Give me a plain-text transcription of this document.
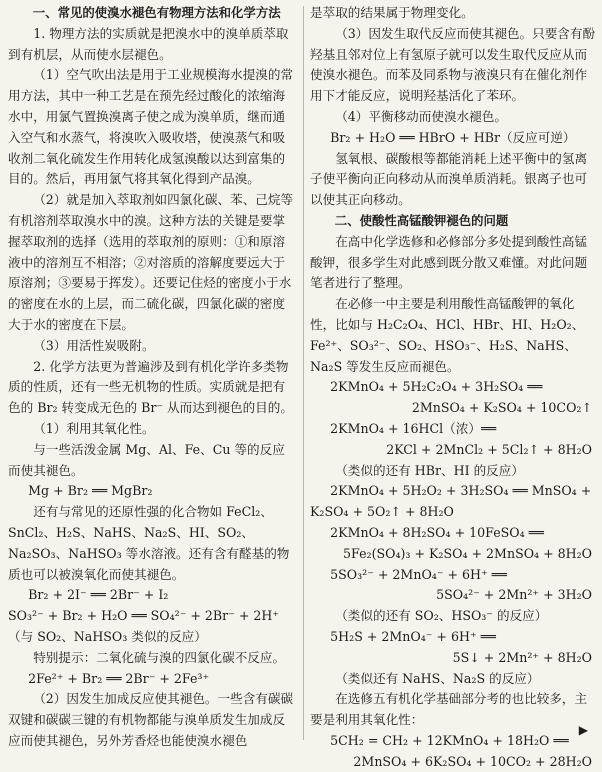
一、常见的使溴水褪色有物理方法和化学方法

1. 物理方法的实质就是把溴水中的溴单质萃取到有机层，从而使水层褪色。

（1）空气吹出法是用于工业规模海水提溴的常用方法，其中一种工艺是在预先经过酸化的浓缩海水中，用氯气置换溴离子使之成为溴单质，继而通入空气和水蒸气，将溴吹入吸收塔，使溴蒸气和吸收剂二氧化硫发生作用转化成氢溴酸以达到富集的目的。然后，再用氯气将其氧化得到产品溴。

（2）就是加入萃取剂如四氯化碳、苯、己烷等有机溶剂萃取溴水中的溴。这种方法的关键是要掌握萃取剂的选择（选用的萃取剂的原则：①和原溶液中的溶剂互不相溶；②对溶质的溶解度要远大于原溶剂；③要易于挥发）。还要记住烃的密度小于水的密度在水的上层，而二硫化碳，四氯化碳的密度大于水的密度在下层。

（3）用活性炭吸附。

2. 化学方法更为普遍涉及到有机化学许多类物质的性质，还有一些无机物的性质。实质就是把有色的 Br₂ 转变成无色的 Br⁻ 从而达到褪色的目的。

（1）利用其氧化性。

与一些活泼金属 Mg、Al、Fe、Cu 等的反应而使其褪色。

Mg + Br₂ ══ MgBr₂

还有与常见的还原性强的化合物如 FeCl₂、SnCl₂、H₂S、NaHS、Na₂S、HI、SO₂、Na₂SO₃、NaHSO₃ 等水溶液。还有含有醛基的物质也可以被溴氧化而使其褪色。

Br₂ + 2I⁻ ══ 2Br⁻ + I₂

SO₃²⁻ + Br₂ + H₂O ══ SO₄²⁻ + 2Br⁻ + 2H⁺（与 SO₂、NaHSO₃ 类似的反应）

特别提示：二氧化硫与溴的四氯化碳不反应。

2Fe²⁺ + Br₂ ══ 2Br⁻ + 2Fe³⁺

（2）因发生加成反应使其褪色。一些含有碳碳双键和碳碳三键的有机物都能与溴单质发生加成反应而使其褪色，另外芳香烃也能使溴水褪色

是萃取的结果属于物理变化。

（3）因发生取代反应而使其褪色。只要含有酚羟基且邻对位上有氢原子就可以发生取代反应从而使溴水褪色。而苯及同系物与液溴只有在催化剂作用下才能反应，说明羟基活化了苯环。

（4）平衡移动而使溴水褪色。

Br₂ + H₂O ══ HBrO + HBr（反应可逆）

氢氧根、碳酸根等都能消耗上述平衡中的氢离子使平衡向正向移动从而溴单质消耗。银离子也可以使其正向移动。

二、使酸性高锰酸钾褪色的问题

在高中化学选修和必修部分多处提到酸性高锰酸钾，很多学生对此感到既分散又难懂。对此问题笔者进行了整理。

在必修一中主要是利用酸性高锰酸钾的氧化性，比如与 H₂C₂O₄、HCl、HBr、HI、H₂O₂、Fe²⁺、SO₃²⁻、SO₂、HSO₃⁻、H₂S、NaHS、Na₂S 等发生反应而褪色。

2KMnO₄ + 5H₂C₂O₄ + 3H₂SO₄ ══

2MnSO₄ + K₂SO₄ + 10CO₂↑

2KMnO₄ + 16HCl（浓）══

2KCl + 2MnCl₂ + 5Cl₂↑ + 8H₂O

（类似的还有 HBr、HI 的反应）

2KMnO₄ + 5H₂O₂ + 3H₂SO₄ ══ MnSO₄ +

K₂SO₄ + 5O₂↑ + 8H₂O

2KMnO₄ + 8H₂SO₄ + 10FeSO₄ ══

5Fe₂(SO₄)₃ + K₂SO₄ + 2MnSO₄ + 8H₂O

5SO₃²⁻ + 2MnO₄⁻ + 6H⁺ ══

5SO₄²⁻ + 2Mn²⁺ + 3H₂O

（类似的还有 SO₂、HSO₃⁻ 的反应）

5H₂S + 2MnO₄⁻ + 6H⁺ ══

5S↓ + 2Mn²⁺ + 8H₂O

（类似还有 NaHS、Na₂S 的反应）

在选修五有机化学基础部分考的也比较多，主要是利用其氧化性：

5CH₂ = CH₂ + 12KMnO₄ + 18H₂O ══

2MnSO₄ + 6K₂SO₄ + 10CO₂ + 28H₂O

▶
